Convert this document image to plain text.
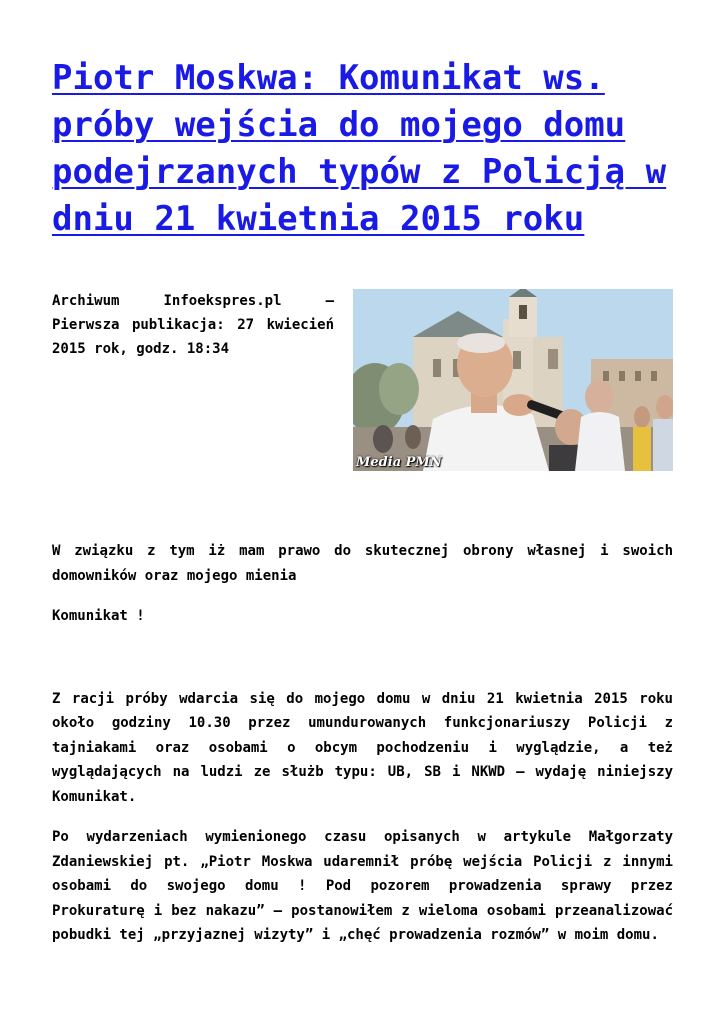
Piotr Moskwa: Komunikat ws. próby wejścia do mojego domu podejrzanych typów z Policją w dniu 21 kwietnia 2015 roku
Archiwum Infoekspres.pl – Pierwsza publikacja: 27 kwiecień 2015 rok, godz. 18:34
Media PMN

W związku z tym iż mam prawo do skutecznej obrony własnej i swoich domowników oraz mojego mienia

Komunikat !

Z racji próby wdarcia się do mojego domu w dniu 21 kwietnia 2015 roku około godziny 10.30 przez umundurowanych funkcjonariuszy Policji z tajniakami oraz osobami o obcym pochodzeniu i wyglądzie, a też wyglądających na ludzi ze służb typu: UB, SB i NKWD – wydaję niniejszy Komunikat.

Po wydarzeniach wymienionego czasu opisanych w artykule Małgorzaty Zdaniewskiej pt. „Piotr Moskwa udaremnił próbę wejścia Policji z innymi osobami do swojego domu ! Pod pozorem prowadzenia sprawy przez Prokuraturę i bez nakazu” – postanowiłem z wieloma osobami przeanalizować pobudki tej „przyjaznej wizyty” i „chęć prowadzenia rozmów” w moim domu.
